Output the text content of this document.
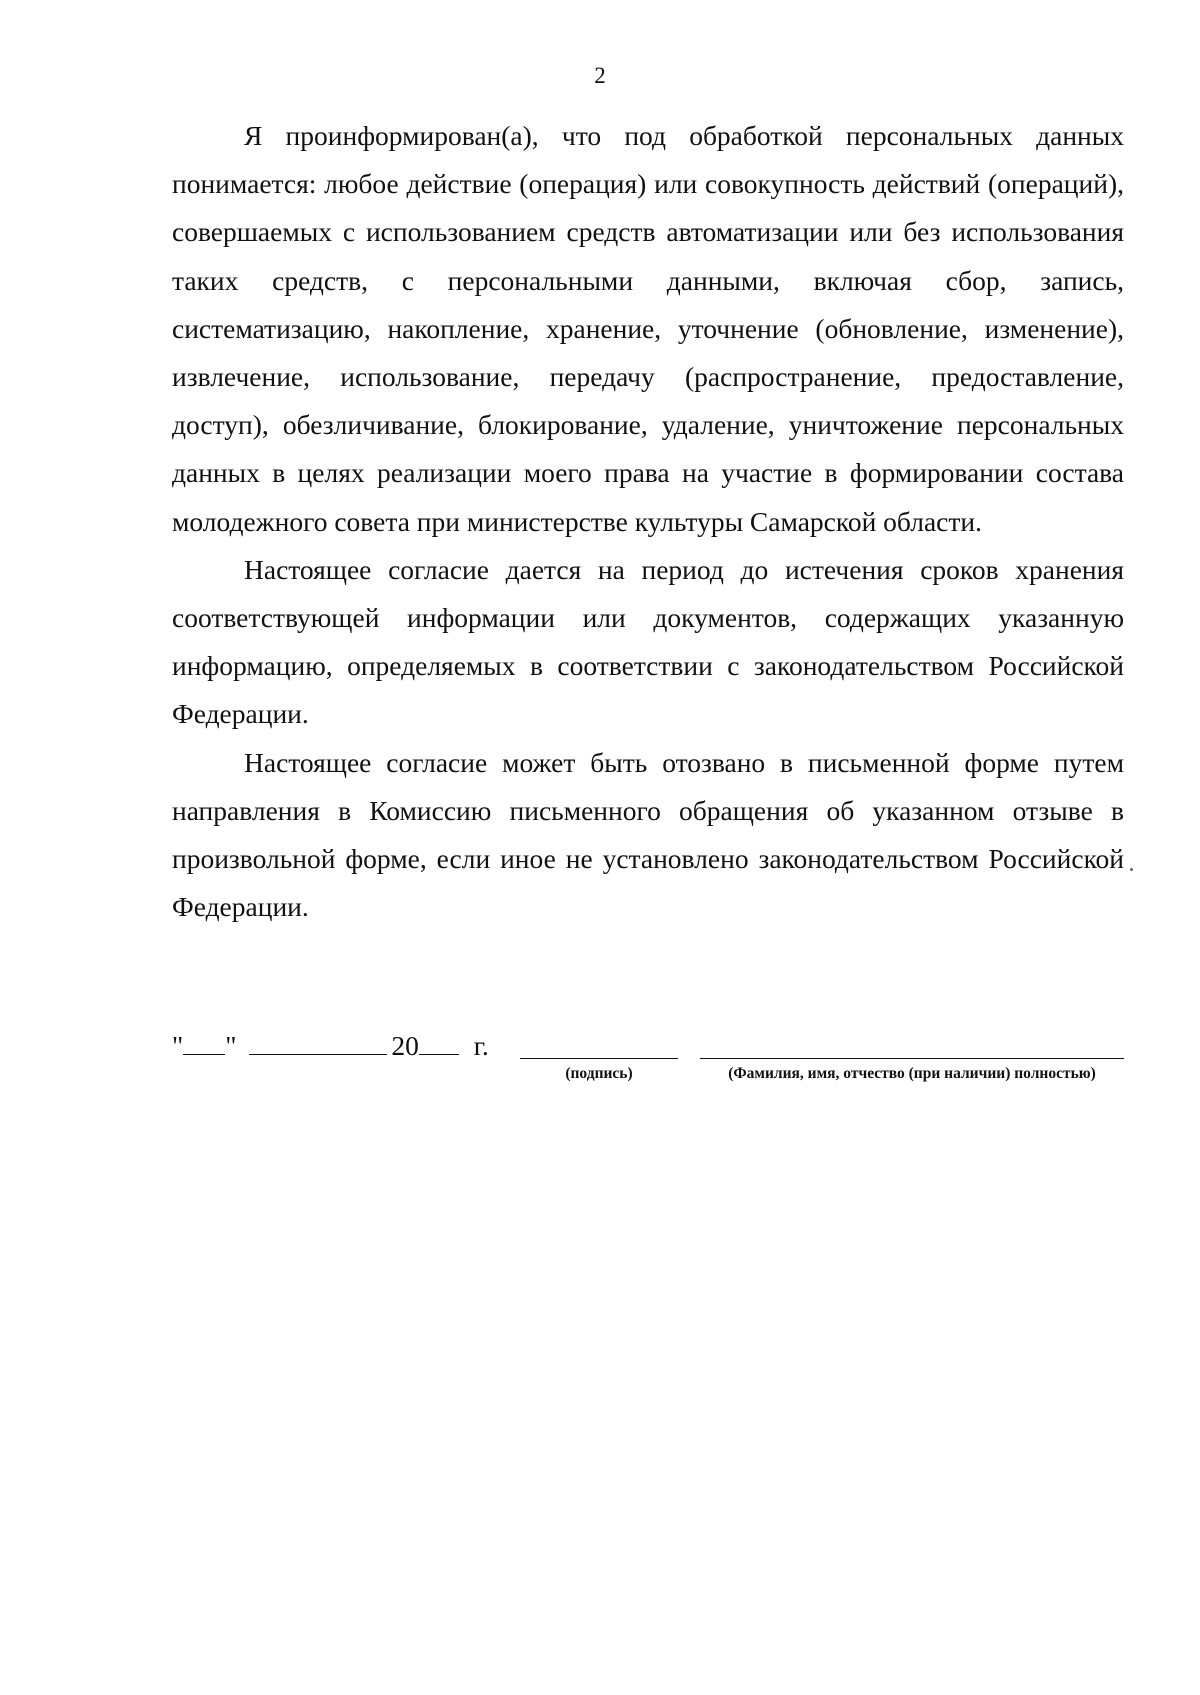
2

Я проинформирован(а), что под обработкой персональных данных понимается: любое действие (операция) или совокупность действий (операций), совершаемых с использованием средств автоматизации или без использования таких средств, с персональными данными, включая сбор, запись, систематизацию, накопление, хранение, уточнение (обновление, изменение), извлечение, использование, передачу (распространение, предоставление, доступ), обезличивание, блокирование, удаление, уничтожение персональных данных в целях реализации моего права на участие в формировании состава молодежного совета при министерстве культуры Самарской области.

Настоящее согласие дается на период до истечения сроков хранения соответствующей информации или документов, содержащих указанную информацию, определяемых в соответствии с законодательством Российской Федерации.

Настоящее согласие может быть отозвано в письменной форме путем направления в Комиссию письменного обращения об указанном отзыве в произвольной форме, если иное не установлено законодательством Российской Федерации.

" "	20 г.
(подпись)	(Фамилия, имя, отчество (при наличии) полностью)
